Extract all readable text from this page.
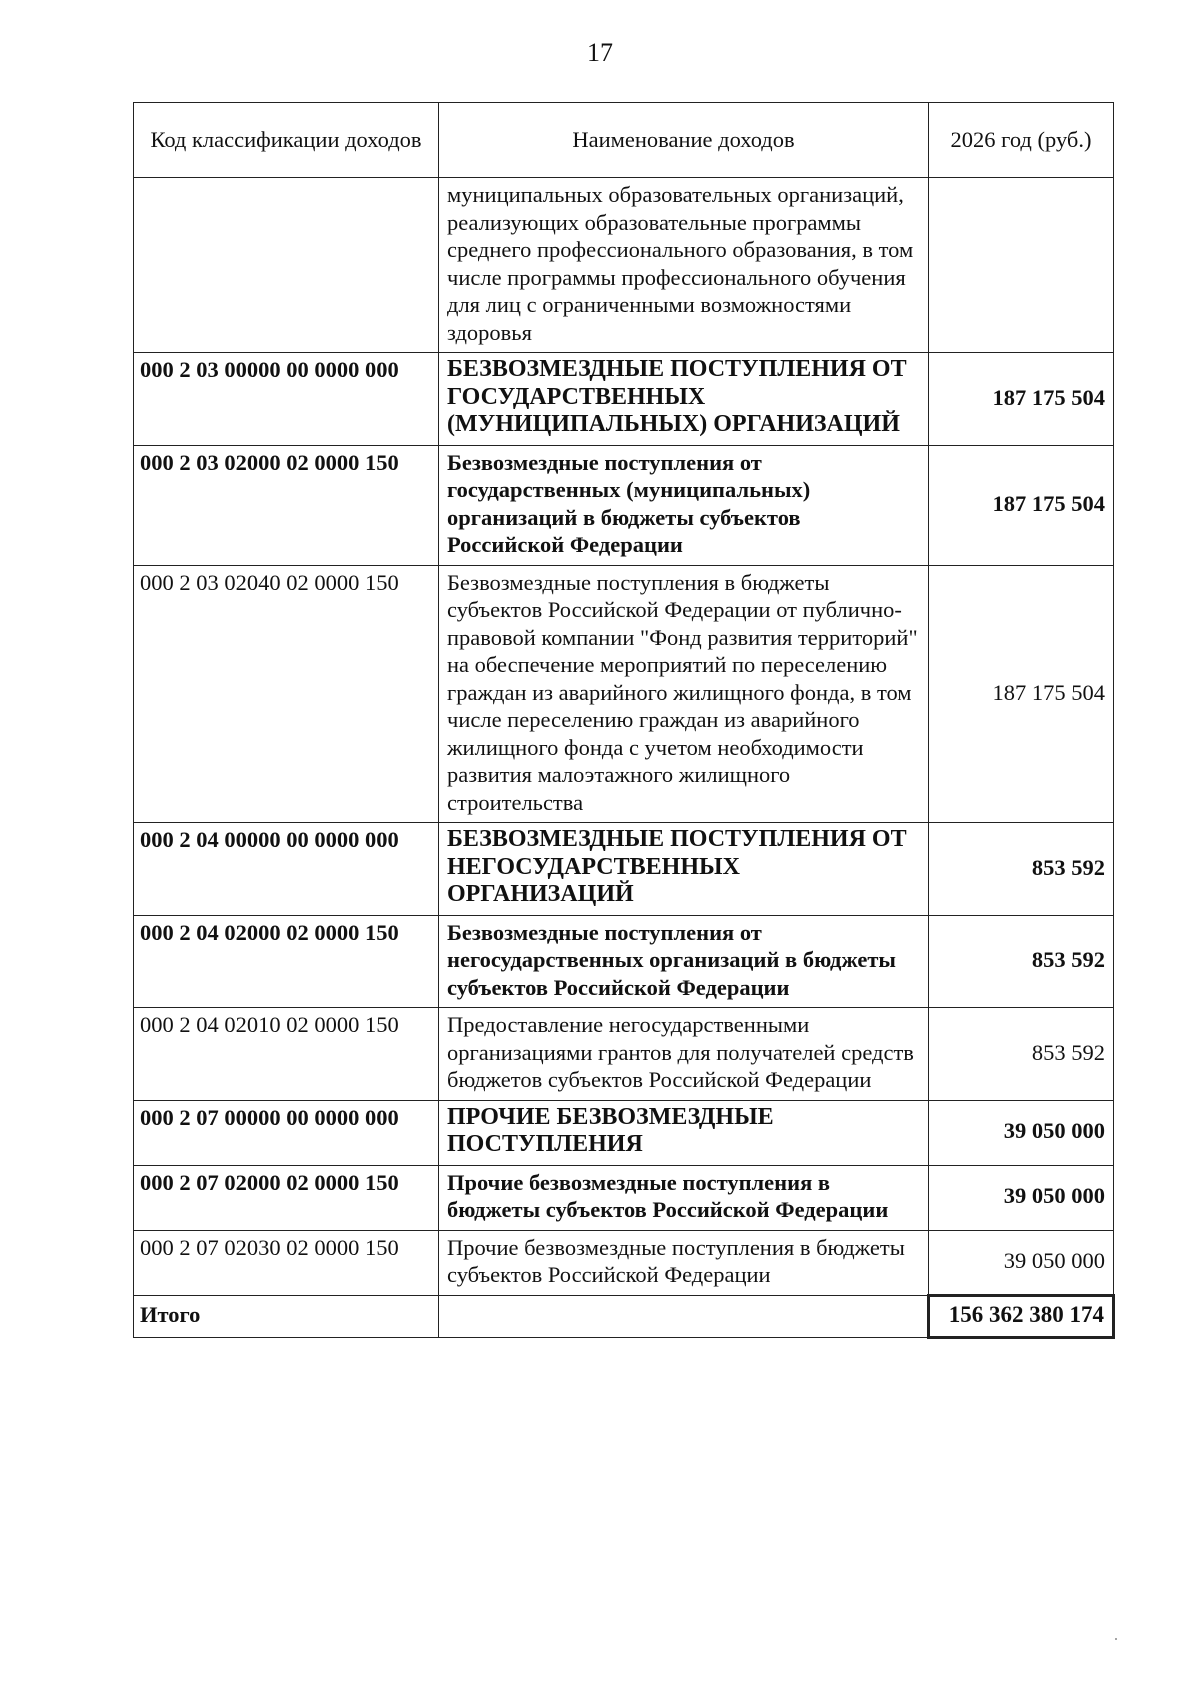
17
Код классификации доходов	Наименование доходов	2026 год (руб.)
	муниципальных образовательных организаций, реализующих образовательные программы среднего профессионального образования, в том числе программы профессионального обучения для лиц с ограниченными возможностями здоровья	
000 2 03 00000 00 0000 000	БЕЗВОЗМЕЗДНЫЕ ПОСТУПЛЕНИЯ ОТ ГОСУДАРСТВЕННЫХ (МУНИЦИПАЛЬНЫХ) ОРГАНИЗАЦИЙ	187 175 504
000 2 03 02000 02 0000 150	Безвозмездные поступления от государственных (муниципальных) организаций в бюджеты субъектов Российской Федерации	187 175 504
000 2 03 02040 02 0000 150	Безвозмездные поступления в бюджеты субъектов Российской Федерации от публично-правовой компании "Фонд развития территорий" на обеспечение мероприятий по переселению граждан из аварийного жилищного фонда, в том числе переселению граждан из аварийного жилищного фонда с учетом необходимости развития малоэтажного жилищного строительства	187 175 504
000 2 04 00000 00 0000 000	БЕЗВОЗМЕЗДНЫЕ ПОСТУПЛЕНИЯ ОТ НЕГОСУДАРСТВЕННЫХ ОРГАНИЗАЦИЙ	853 592
000 2 04 02000 02 0000 150	Безвозмездные поступления от негосударственных организаций в бюджеты субъектов Российской Федерации	853 592
000 2 04 02010 02 0000 150	Предоставление негосударственными организациями грантов для получателей средств бюджетов субъектов Российской Федерации	853 592
000 2 07 00000 00 0000 000	ПРОЧИЕ БЕЗВОЗМЕЗДНЫЕ ПОСТУПЛЕНИЯ	39 050 000
000 2 07 02000 02 0000 150	Прочие безвозмездные поступления в бюджеты субъектов Российской Федерации	39 050 000
000 2 07 02030 02 0000 150	Прочие безвозмездные поступления в бюджеты субъектов Российской Федерации	39 050 000
Итого		156 362 380 174
